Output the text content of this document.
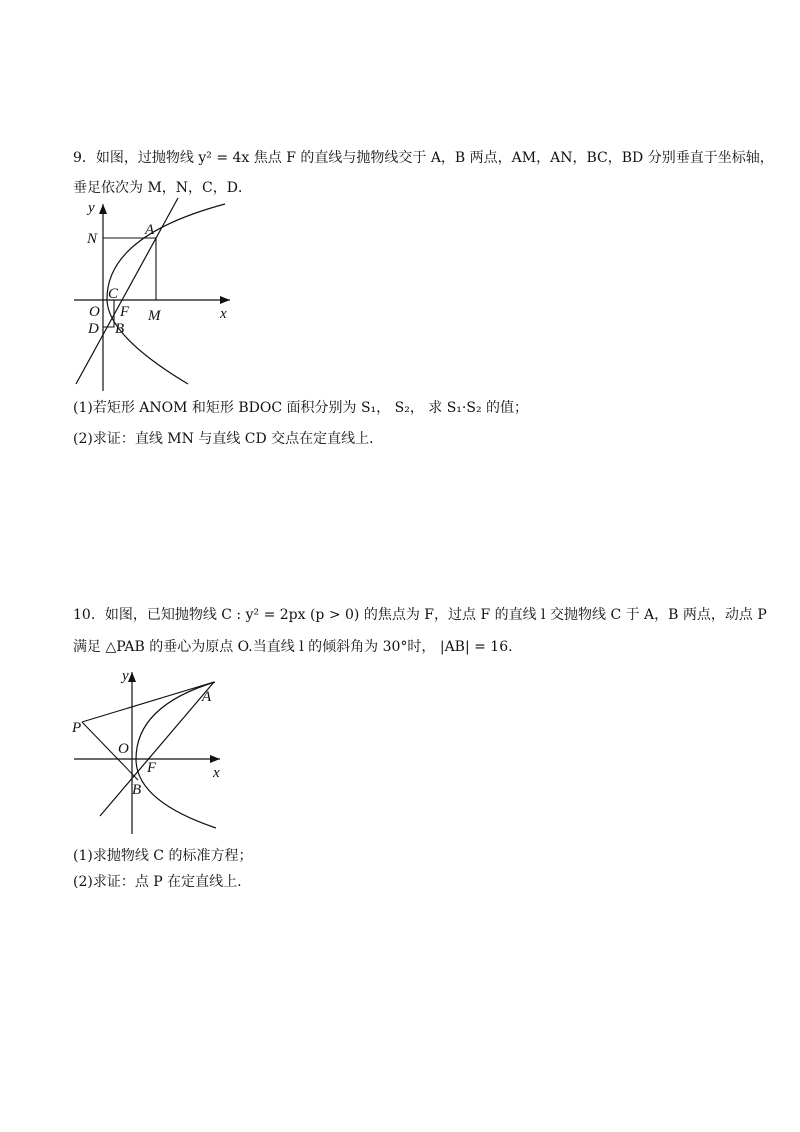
9．如图，过抛物线 y² = 4x 焦点 F 的直线与抛物线交于 A，B 两点，AM，AN，BC，BD 分别垂直于坐标轴，
垂足依次为 M，N，C，D．
y
x
N
A
C
O F
D B
M
(1)若矩形 ANOM 和矩形 BDOC 面积分别为 S₁， S₂， 求 S₁·S₂ 的值；
(2)求证：直线 MN 与直线 CD 交点在定直线上．
10．如图，已知抛物线 C : y² = 2px (p > 0) 的焦点为 F，过点 F 的直线 l 交抛物线 C 于 A，B 两点，动点 P
满足 △PAB 的垂心为原点 O.当直线 l 的倾斜角为 30°时， |AB| = 16.
y
x
P
A
O
F
B
(1)求抛物线 C 的标准方程；
(2)求证：点 P 在定直线上.
